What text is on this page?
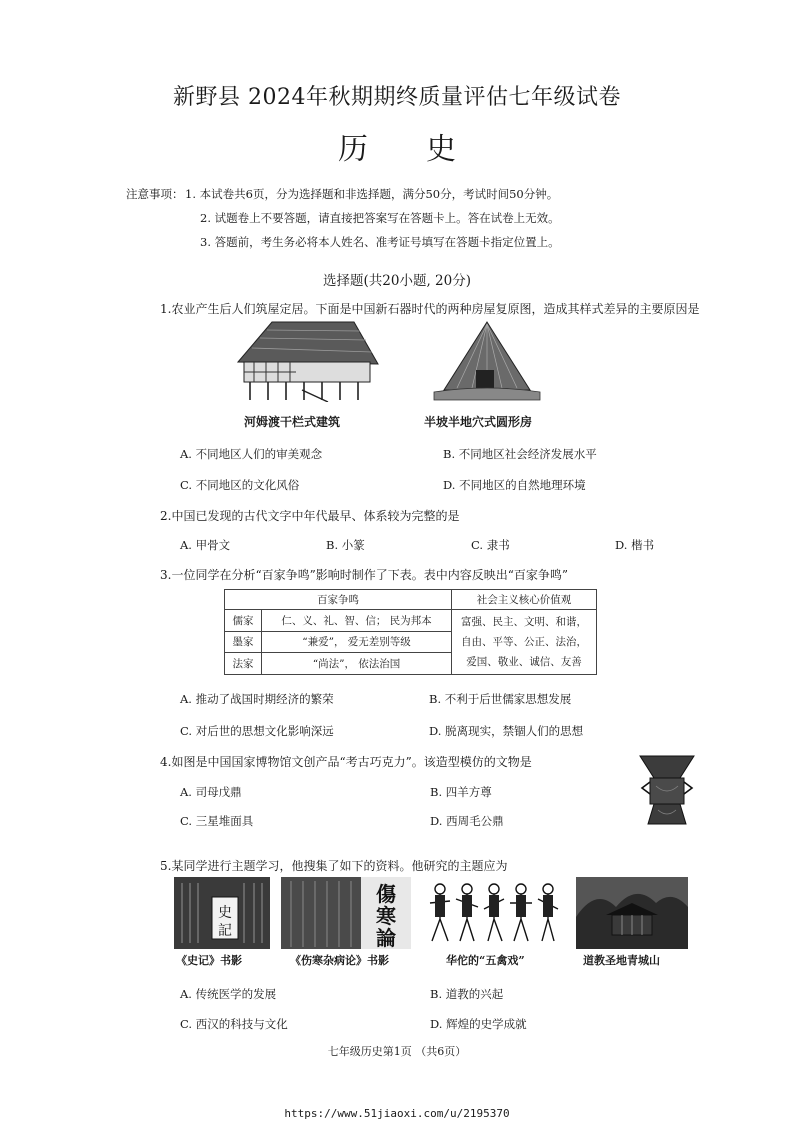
新野县 2024年秋期期终质量评估七年级试卷
历史
注意事项： 1. 本试卷共6页，分为选择题和非选择题，满分50分，考试时间50分钟。
2. 试题卷上不要答题，请直接把答案写在答题卡上。答在试卷上无效。
3. 答题前，考生务必将本人姓名、准考证号填写在答题卡指定位置上。
选择题(共20小题, 20分)
1.农业产生后人们筑屋定居。下面是中国新石器时代的两种房屋复原图，造成其样式差异的主要原因是
河姆渡干栏式建筑	半坡半地穴式圆形房
A. 不同地区人们的审美观念	B. 不同地区社会经济发展水平
C. 不同地区的文化风俗	D. 不同地区的自然地理环境
2.中国已发现的古代文字中年代最早、体系较为完整的是
A. 甲骨文	B. 小篆	C. 隶书	D. 楷书
3.一位同学在分析“百家争鸣”影响时制作了下表。表中内容反映出“百家争鸣”
百家争鸣		社会主义核心价值观
儒家	仁、义、礼、智、信； 民为邦本	富强、民主、文明、和谐，
自由、平等、公正、法治，
爱国、敬业、诚信、友善

墨家	“兼爱”， 爱无差别等级	
法家	“尚法”， 依法治国	
A. 推动了战国时期经济的繁荣	B. 不利于后世儒家思想发展
C. 对后世的思想文化影响深远	D. 脱离现实，禁锢人们的思想
4.如图是中国国家博物馆文创产品“考古巧克力”。该造型模仿的文物是
A. 司母戊鼎	B. 四羊方尊
C. 三星堆面具	D. 西周毛公鼎
5.某同学进行主题学习，他搜集了如下的资料。他研究的主题应为
史
記
傷
寒
論
《史记》书影	《伤寒杂病论》书影	华佗的“五禽戏”	道教圣地青城山
A. 传统医学的发展	B. 道教的兴起
C. 西汉的科技与文化	D. 辉煌的史学成就
七年级历史第1页 （共6页）
https://www.51jiaoxi.com/u/2195370
